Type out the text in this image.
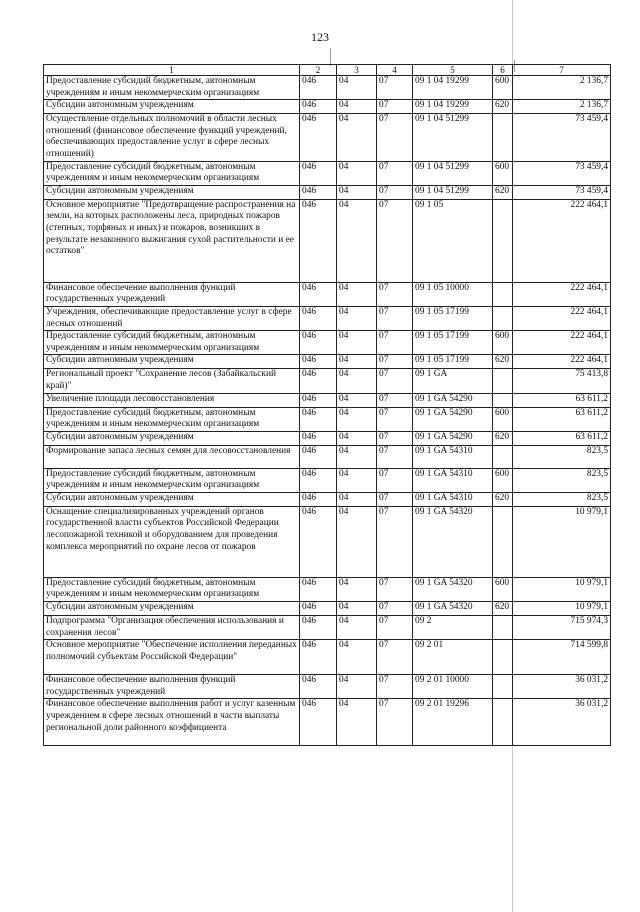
123
1	2	3	4	5	6	7
Предоставление субсидий бюджетным, автономным учреждениям и иным некоммерческим организациям	046	04	07	09 1 04 19299	600	2 136,7
Субсидии автономным учреждениям	046	04	07	09 1 04 19299	620	2 136,7
Осуществление отдельных полномочий в области лесных отношений (финансовое обеспечение функций учреждений, обеспечивающих предоставление услуг в сфере лесных отношений)	046	04	07	09 1 04 51299		73 459,4
Предоставление субсидий бюджетным, автономным учреждениям и иным некоммерческим организациям	046	04	07	09 1 04 51299	600	73 459,4
Субсидии автономным учреждениям	046	04	07	09 1 04 51299	620	73 459,4
Основное мероприятие "Предотвращение распространения на земли, на которых расположены леса, природных пожаров (степных, торфяных и иных) и пожаров, возникших в результате незаконного выжигания сухой растительности и ее остатков"	046	04	07	09 1 05		222 464,1
Финансовое обеспечение выполнения функций государственных учреждений	046	04	07	09 1 05 10000		222 464,1
Учреждения, обеспечивающие предоставление услуг в сфере лесных отношений	046	04	07	09 1 05 17199		222 464,1
Предоставление субсидий бюджетным, автономным учреждениям и иным некоммерческим организациям	046	04	07	09 1 05 17199	600	222 464,1
Субсидии автономным учреждениям	046	04	07	09 1 05 17199	620	222 464,1
Региональный проект "Сохранение лесов (Забайкальский край)"	046	04	07	09 1 GA		75 413,8
Увеличение площади лесовосстановления	046	04	07	09 1 GA 54290		63 611,2
Предоставление субсидий бюджетным, автономным учреждениям и иным некоммерческим организациям	046	04	07	09 1 GA 54290	600	63 611,2
Субсидии автономным учреждениям	046	04	07	09 1 GA 54290	620	63 611,2
Формирование запаса лесных семян для лесовосстановления	046	04	07	09 1 GA 54310		823,5
Предоставление субсидий бюджетным, автономным учреждениям и иным некоммерческим организациям	046	04	07	09 1 GA 54310	600	823,5
Субсидии автономным учреждениям	046	04	07	09 1 GA 54310	620	823,5
Оснащение специализированных учреждений органов государственной власти субъектов Российской Федерации лесопожарной техникой и оборудованием для проведения комплекса мероприятий по охране лесов от пожаров	046	04	07	09 1 GA 54320		10 979,1
Предоставление субсидий бюджетным, автономным учреждениям и иным некоммерческим организациям	046	04	07	09 1 GA 54320	600	10 979,1
Субсидии автономным учреждениям	046	04	07	09 1 GA 54320	620	10 979,1
Подпрограмма "Организация обеспечения использования и сохранения лесов"	046	04	07	09 2		715 974,3
Основное мероприятие "Обеспечение исполнения переданных полномочий субъектам Российской Федерации"	046	04	07	09 2 01		714 599,8
Финансовое обеспечение выполнения функций государственных учреждений	046	04	07	09 2 01 10000		36 031,2
Финансовое обеспечение выполнения работ и услуг казенным учреждением в сфере лесных отношений в части выплаты региональной доли районного коэффициента	046	04	07	09 2 01 19296		36 031,2
